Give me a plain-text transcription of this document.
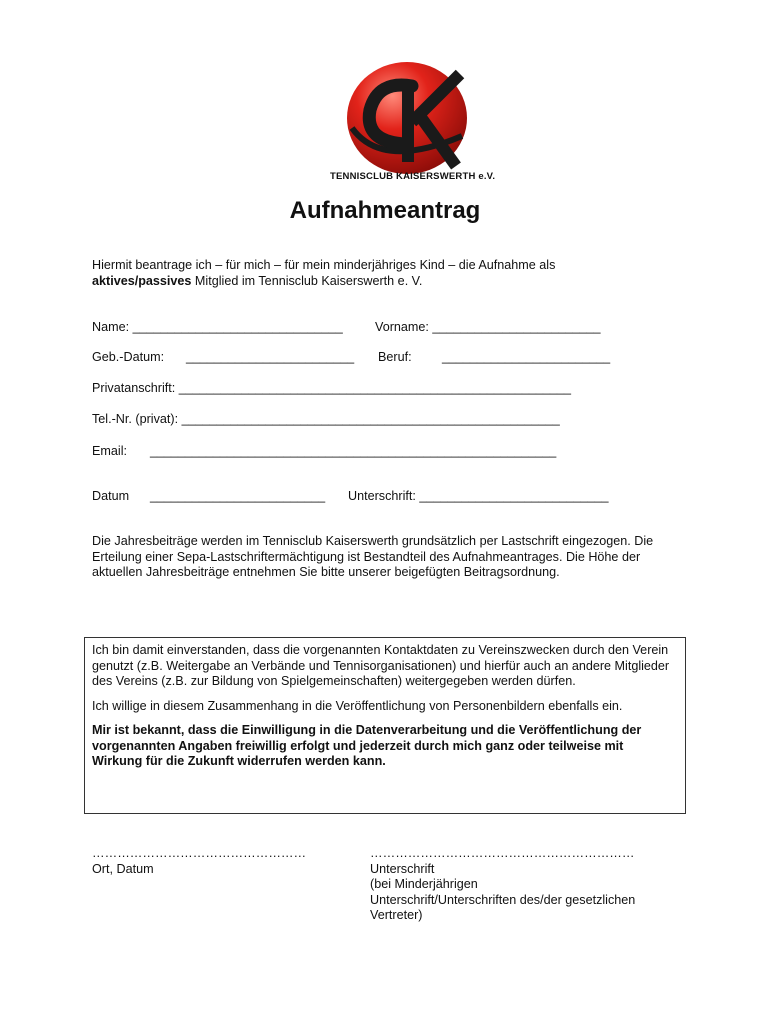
TENNISCLUB KAISERSWERTH e.V.
Aufnahmeantrag
Hiermit beantrage ich – für mich – für mein minderjähriges Kind – die Aufnahme als
aktives/passives Mitglied im Tennisclub Kaiserswerth e. V.
Name: ______________________________	Vorname: ________________________
Geb.-Datum: ________________________ Beruf: ________________________
Privatanschrift: ________________________________________________________
Tel.-Nr. (privat): ______________________________________________________
Email: __________________________________________________________
Datum _________________________ Unterschrift: ___________________________
Die Jahresbeiträge werden im Tennisclub Kaiserswerth grundsätzlich per Lastschrift eingezogen. Die Erteilung einer Sepa-Lastschriftermächtigung ist Bestandteil des Aufnahmeantrages. Die Höhe der aktuellen Jahresbeiträge entnehmen Sie bitte unserer beigefügten Beitragsordnung.

Ich bin damit einverstanden, dass die vorgenannten Kontaktdaten zu Vereinszwecken durch den Verein genutzt (z.B. Weitergabe an Verbände und Tennisorganisationen) und hierfür auch an andere Mitglieder des Vereins (z.B. zur Bildung von Spielgemeinschaften) weitergegeben werden dürfen.

Ich willige in diesem Zusammenhang in die Veröffentlichung von Personenbildern ebenfalls ein.

Mir ist bekannt, dass die Einwilligung in die Datenverarbeitung und die Veröffentlichung der vorgenannten Angaben freiwillig erfolgt und jederzeit durch mich ganz oder teilweise mit Wirkung für die Zukunft widerrufen werden kann.

……………………………………………
Ort, Datum
………………………………………………………
Unterschrift
(bei Minderjährigen
Unterschrift/Unterschriften des/der gesetzlichen
Vertreter)
